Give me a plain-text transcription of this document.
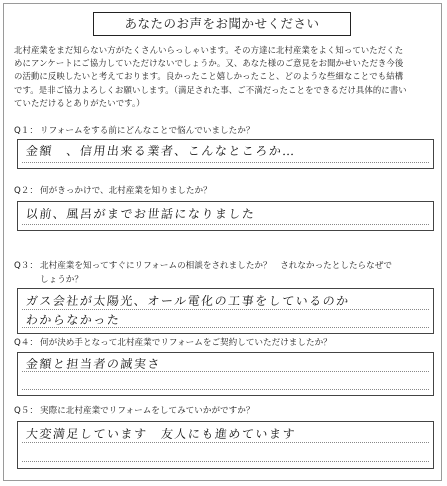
あなたのお声をお聞かせください

北村産業をまだ知らない方がたくさんいらっしゃいます。その方達に北村産業をよく知っていただくた

めにアンケートにご協力していただけないでしょうか。又、あなた様のご意見をお聞かせいただき今後

の活動に反映したいと考えております。良かったこと嬉しかったこと、どのような些細なことでも結構

です。是非ご協力よろしくお願いします。（満足された事、ご不満だったことをできるだけ具体的に書い

ていただけるとありがたいです。）

Q１： リフォームをする前にどんなことで悩んでいましたか？
金額　、信用出来る業者、こんなところか…
Q２： 何がきっかけで、北村産業を知りましたか？
以前、風呂がまでお世話になりました
Q３： 北村産業を知ってすぐにリフォームの相談をされましたか？　されなかったとしたらなぜで
しょうか？
ガス会社が太陽光、オール電化の工事をしているのか
わからなかった
Q４： 何が決め手となって北村産業でリフォームをご契約していただけましたか？
金額と担当者の誠実さ
Q５： 実際に北村産業でリフォームをしてみていかがですか？
大変満足しています　友人にも進めています
